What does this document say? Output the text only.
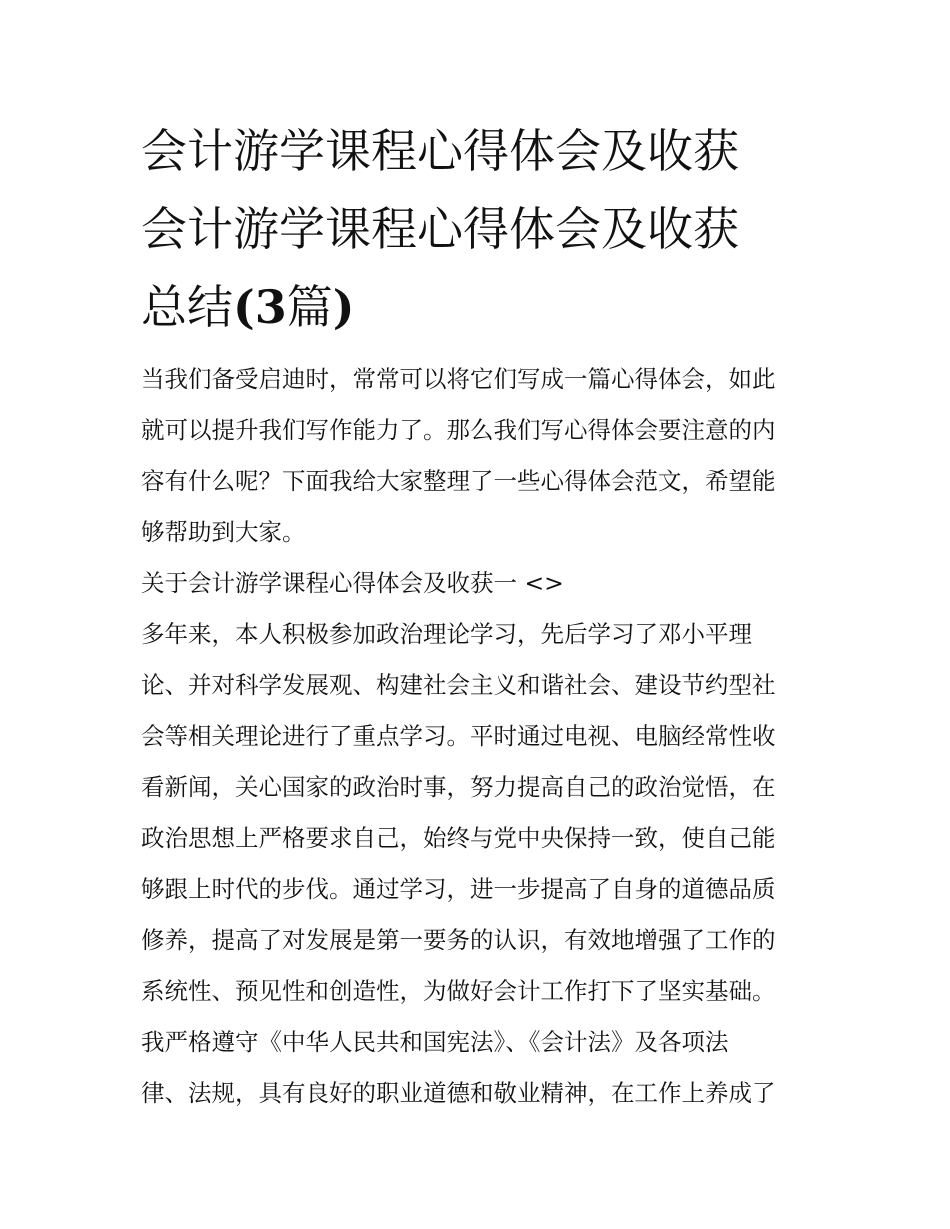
会计游学课程心得体会及收获
会计游学课程心得体会及收获
总结(3篇)

当我们备受启迪时，常常可以将它们写成一篇心得体会，如此
就可以提升我们写作能力了。那么我们写心得体会要注意的内
容有什么呢？下面我给大家整理了一些心得体会范文，希望能
够帮助到大家。

关于会计游学课程心得体会及收获一 <>

多年来，本人积极参加政治理论学习，先后学习了邓小平理
论、并对科学发展观、构建社会主义和谐社会、建设节约型社
会等相关理论进行了重点学习。平时通过电视、电脑经常性收
看新闻，关心国家的政治时事，努力提高自己的政治觉悟，在
政治思想上严格要求自己，始终与党中央保持一致，使自己能
够跟上时代的步伐。通过学习，进一步提高了自身的道德品质
修养，提高了对发展是第一要务的认识，有效地增强了工作的
系统性、预见性和创造性，为做好会计工作打下了坚实基础。
我严格遵守《中华人民共和国宪法》、《会计法》及各项法
律、法规，具有良好的职业道德和敬业精神，在工作上养成了
